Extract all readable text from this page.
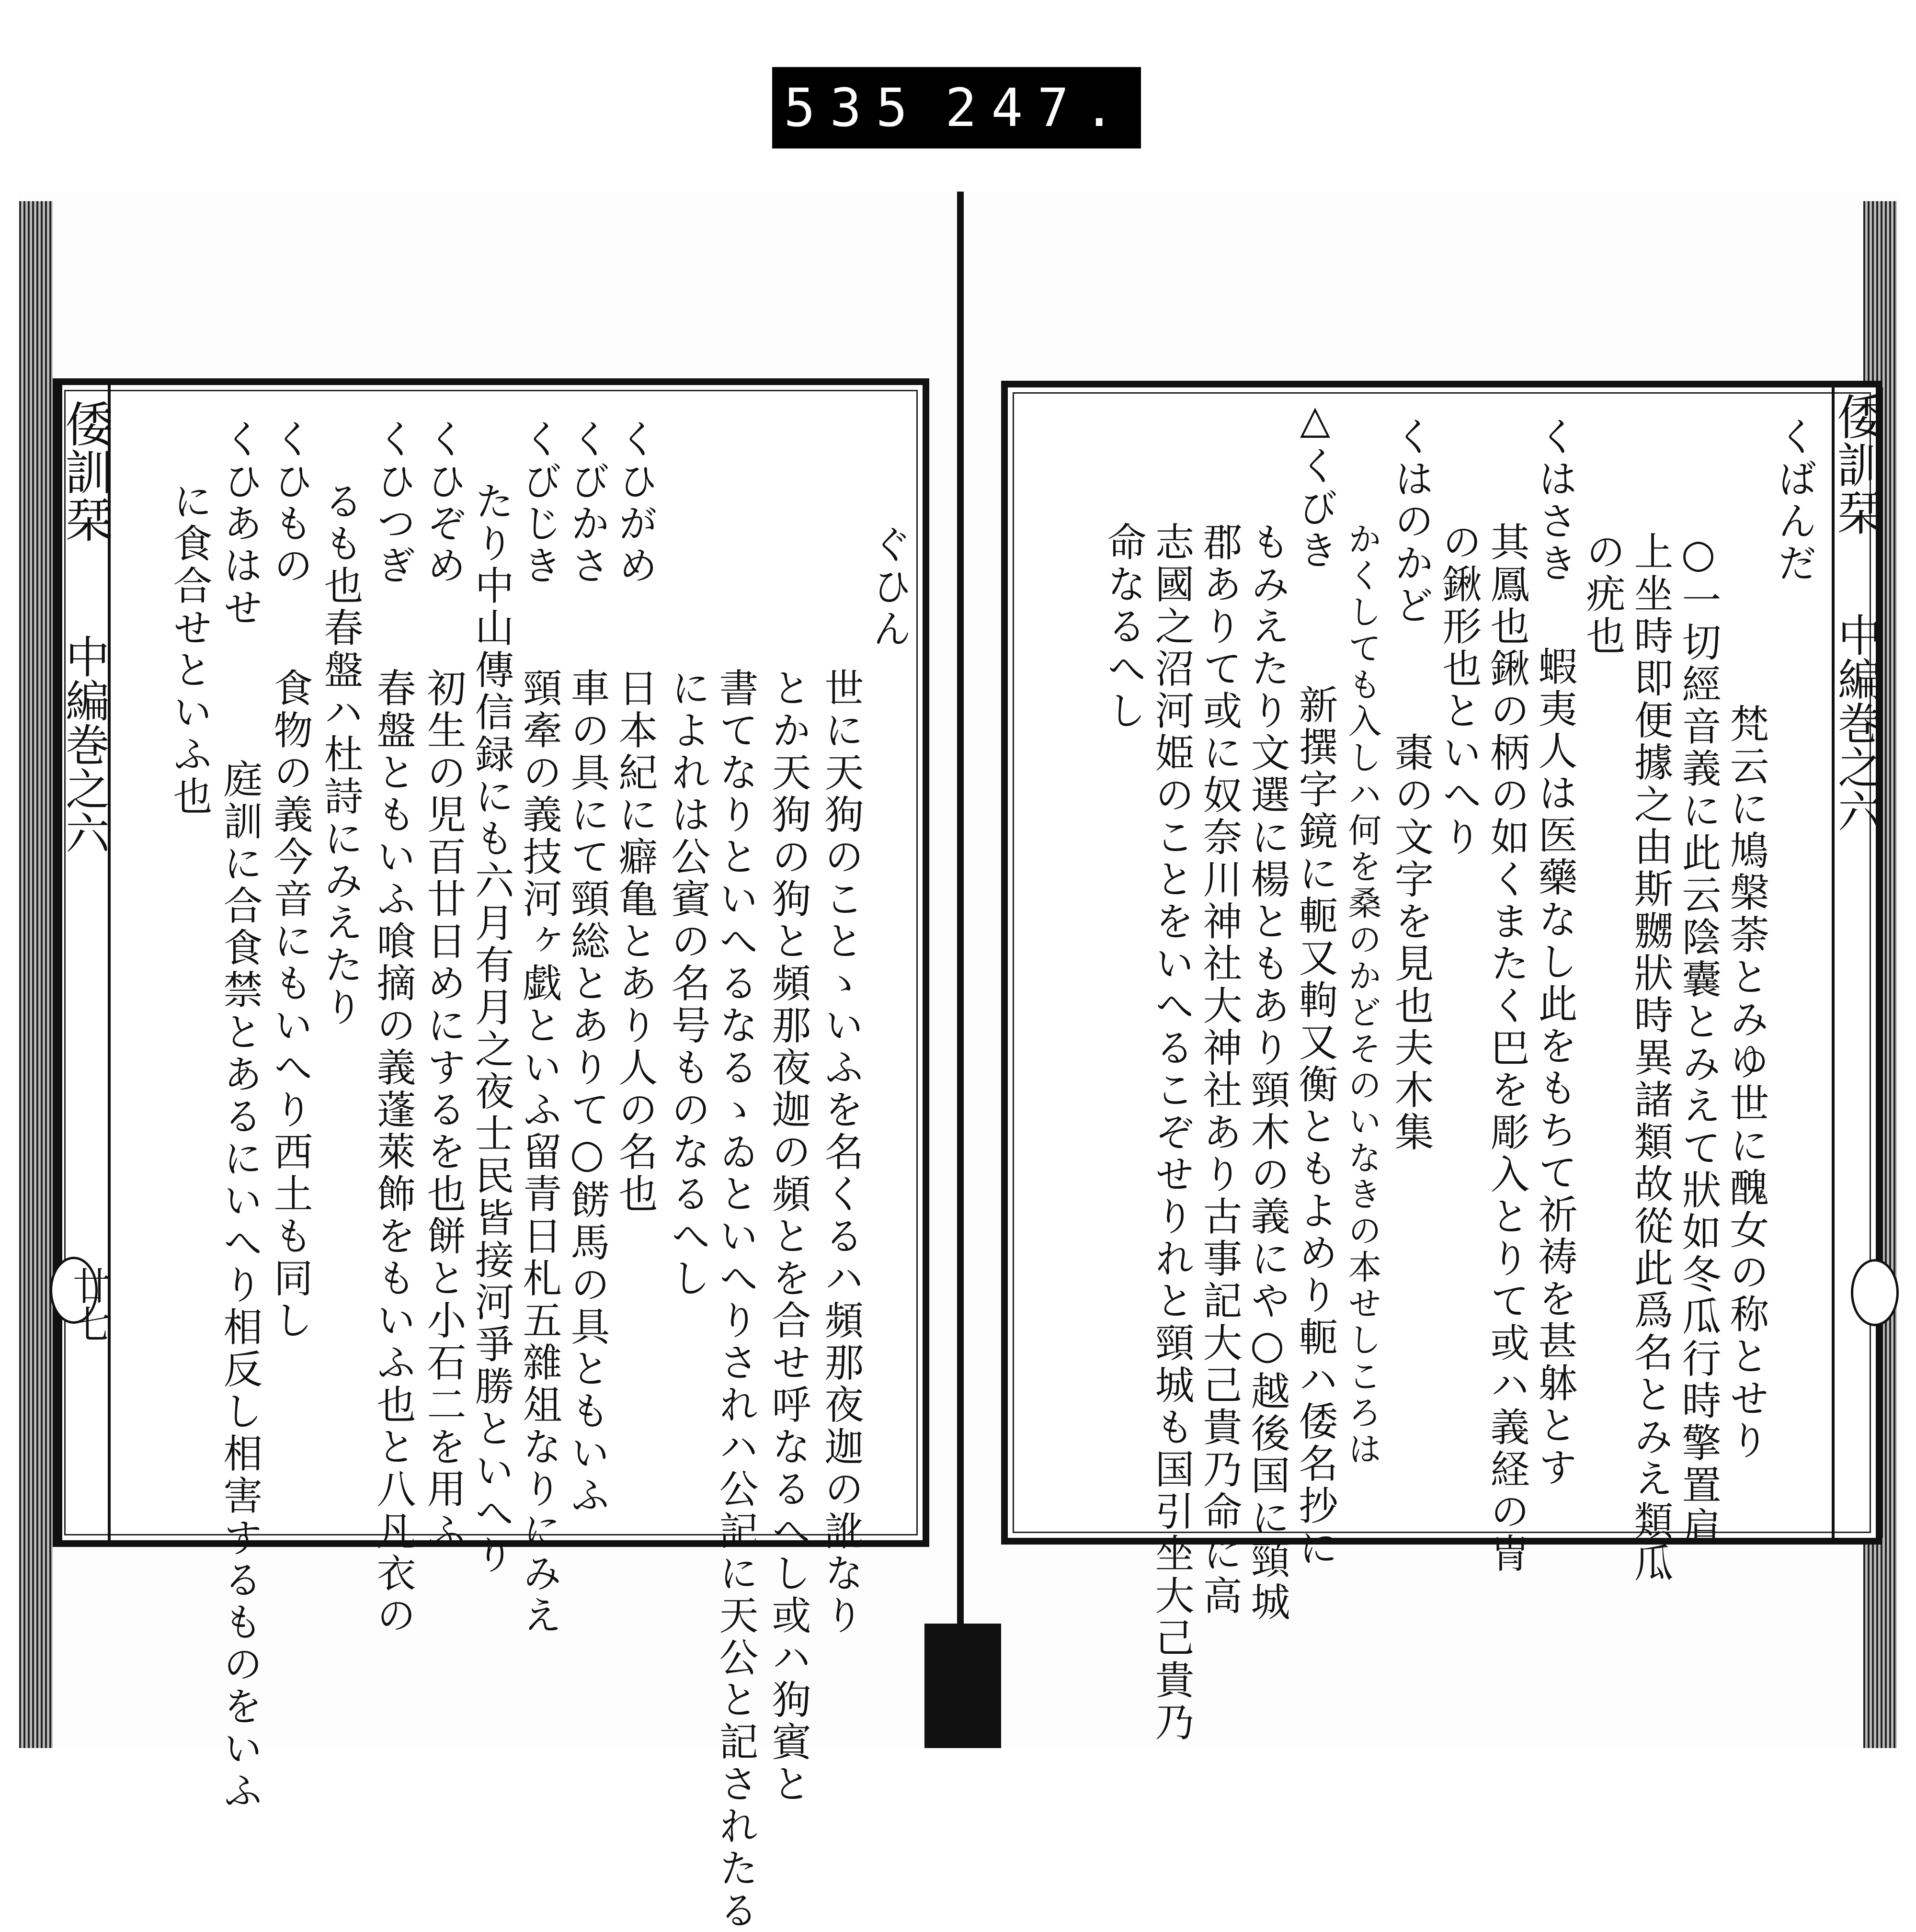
535 247.
倭訓栞
中編巻之六
廿七
ぐひん
世に天狗のことゝいふを名くるハ頻那夜迦の訛なり
とか天狗の狗と頻那夜迦の頻とを合せ呼なるへし或ハ狗賓と
書てなりといへるなるゝゐといへりされハ公記に天公と記されたる
によれは公賓の名号ものなるへし
くひがめ
日本紀に癖亀とあり人の名也
くびかさ
車の具にて頸総とありて○餝馬の具ともいふ
くびじき
頸牽の義技河ヶ戯といふ留青日札五雜俎なりにみえ
たり中山傳信録にも六月有月之夜士民皆接河爭勝といへり
くひぞめ
初生の児百廿日めにするを也餅と小石二を用ふ
くひつぎ
春盤ともいふ喰摘の義蓬萊飾をもいふ也と八凡衣の
るも也春盤ハ杜詩にみえたり
くひもの
食物の義今音にもいへり西土も同し
くひあはせ
庭訓に合食禁とあるにいへり相反し相害するものをいふ
に食合せといふ也
倭訓栞
中編巻之六
くばんだ
梵云に鳩槃荼とみゆ世に醜女の称とせり
○一切經音義に此云陰囊とみえて狀如冬瓜行時擎置肩
上坐時即便據之由斯嬲狀時異諸類故從此爲名とみえ類瓜
の疣也
くはさき
蝦夷人は医藥なし此をもちて祈祷を甚躰とす
其鳳也鍬の柄の如くまたく巴を彫入とりて或ハ義経の冑
の鍬形也といへり
くはのかど
棗の文字を見也夫木集
かくしても入しハ何を桑のかどそのいなきの本せしころは
△くびき
新撰字鏡に軛又軥又衡ともよめり軛ハ倭名抄に
もみえたり文選に楊ともあり頸木の義にや○越後国に頸城
郡ありて或に奴奈川神社大神社あり古事記大己貴乃命に高
志國之沼河姫のことをいへるこぞせりれと頸城も国引坐大己貴乃
命なるへし
